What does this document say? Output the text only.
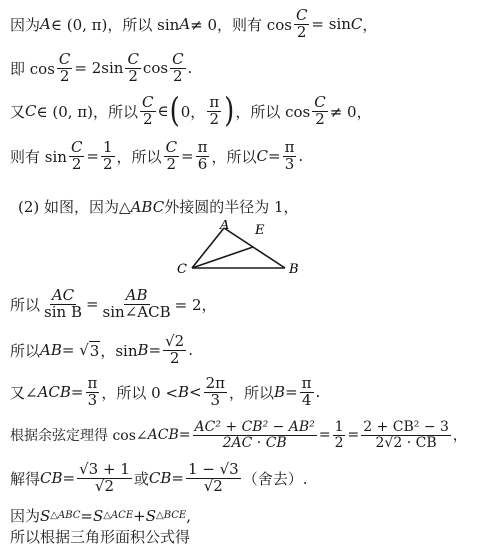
因为 A ∈ (0, π)，所以 sin A ≠ 0，则有 $\cos \frac{C}{2} = \sin C$ ，
即 $\cos \frac{C}{2} = 2\sin \frac{C}{2}$ $\cos \frac{C}{2}$ .
又 C ∈ (0, π)，所以 $\frac{C}{2}$ ∈ ( 0， $\frac{\pi}{2}$ ) ，所以 $\cos \frac{C}{2} \ne 0$，
则有 $\sin \frac{C}{2} = \frac{1}{2}$ ，所以 $\frac{C}{2} = \frac{\pi}{6}$ ，所以 $C = \frac{\pi}{3}$ .
(2) 如图，因为△ ABC 外接圆的半径为 1，
A E
C	B
所以 $\frac{AC}{\text{sin B}} = \frac{AB}{\text{sin∠ACB}} = 2$，
所以 AB = √ 3 ，$\sin B = \frac{√2}{2}$ .
又∠ ACB = $\frac{\pi}{3}$ ，所以 $0 < B < \frac{2\pi}{3}$ ，所以 $B = \frac{\pi}{4}$ .
根据余弦定理得 cos∠ ACB = $\frac{\text{AC² + CB² − AB²}}{2AC \cdot CB} = \frac{1}{2} = \frac{\text{2 + CB² − 3}}{2√2 \cdot CB}$ ，
解得 CB = $\frac{√3 + 1}{√2}$ 或 CB = $\frac{1 - √3}{√2}$ （舍去）.
因为 S △ABC = S △ACE + S △BCE ,
所以根据三角形面积公式得
